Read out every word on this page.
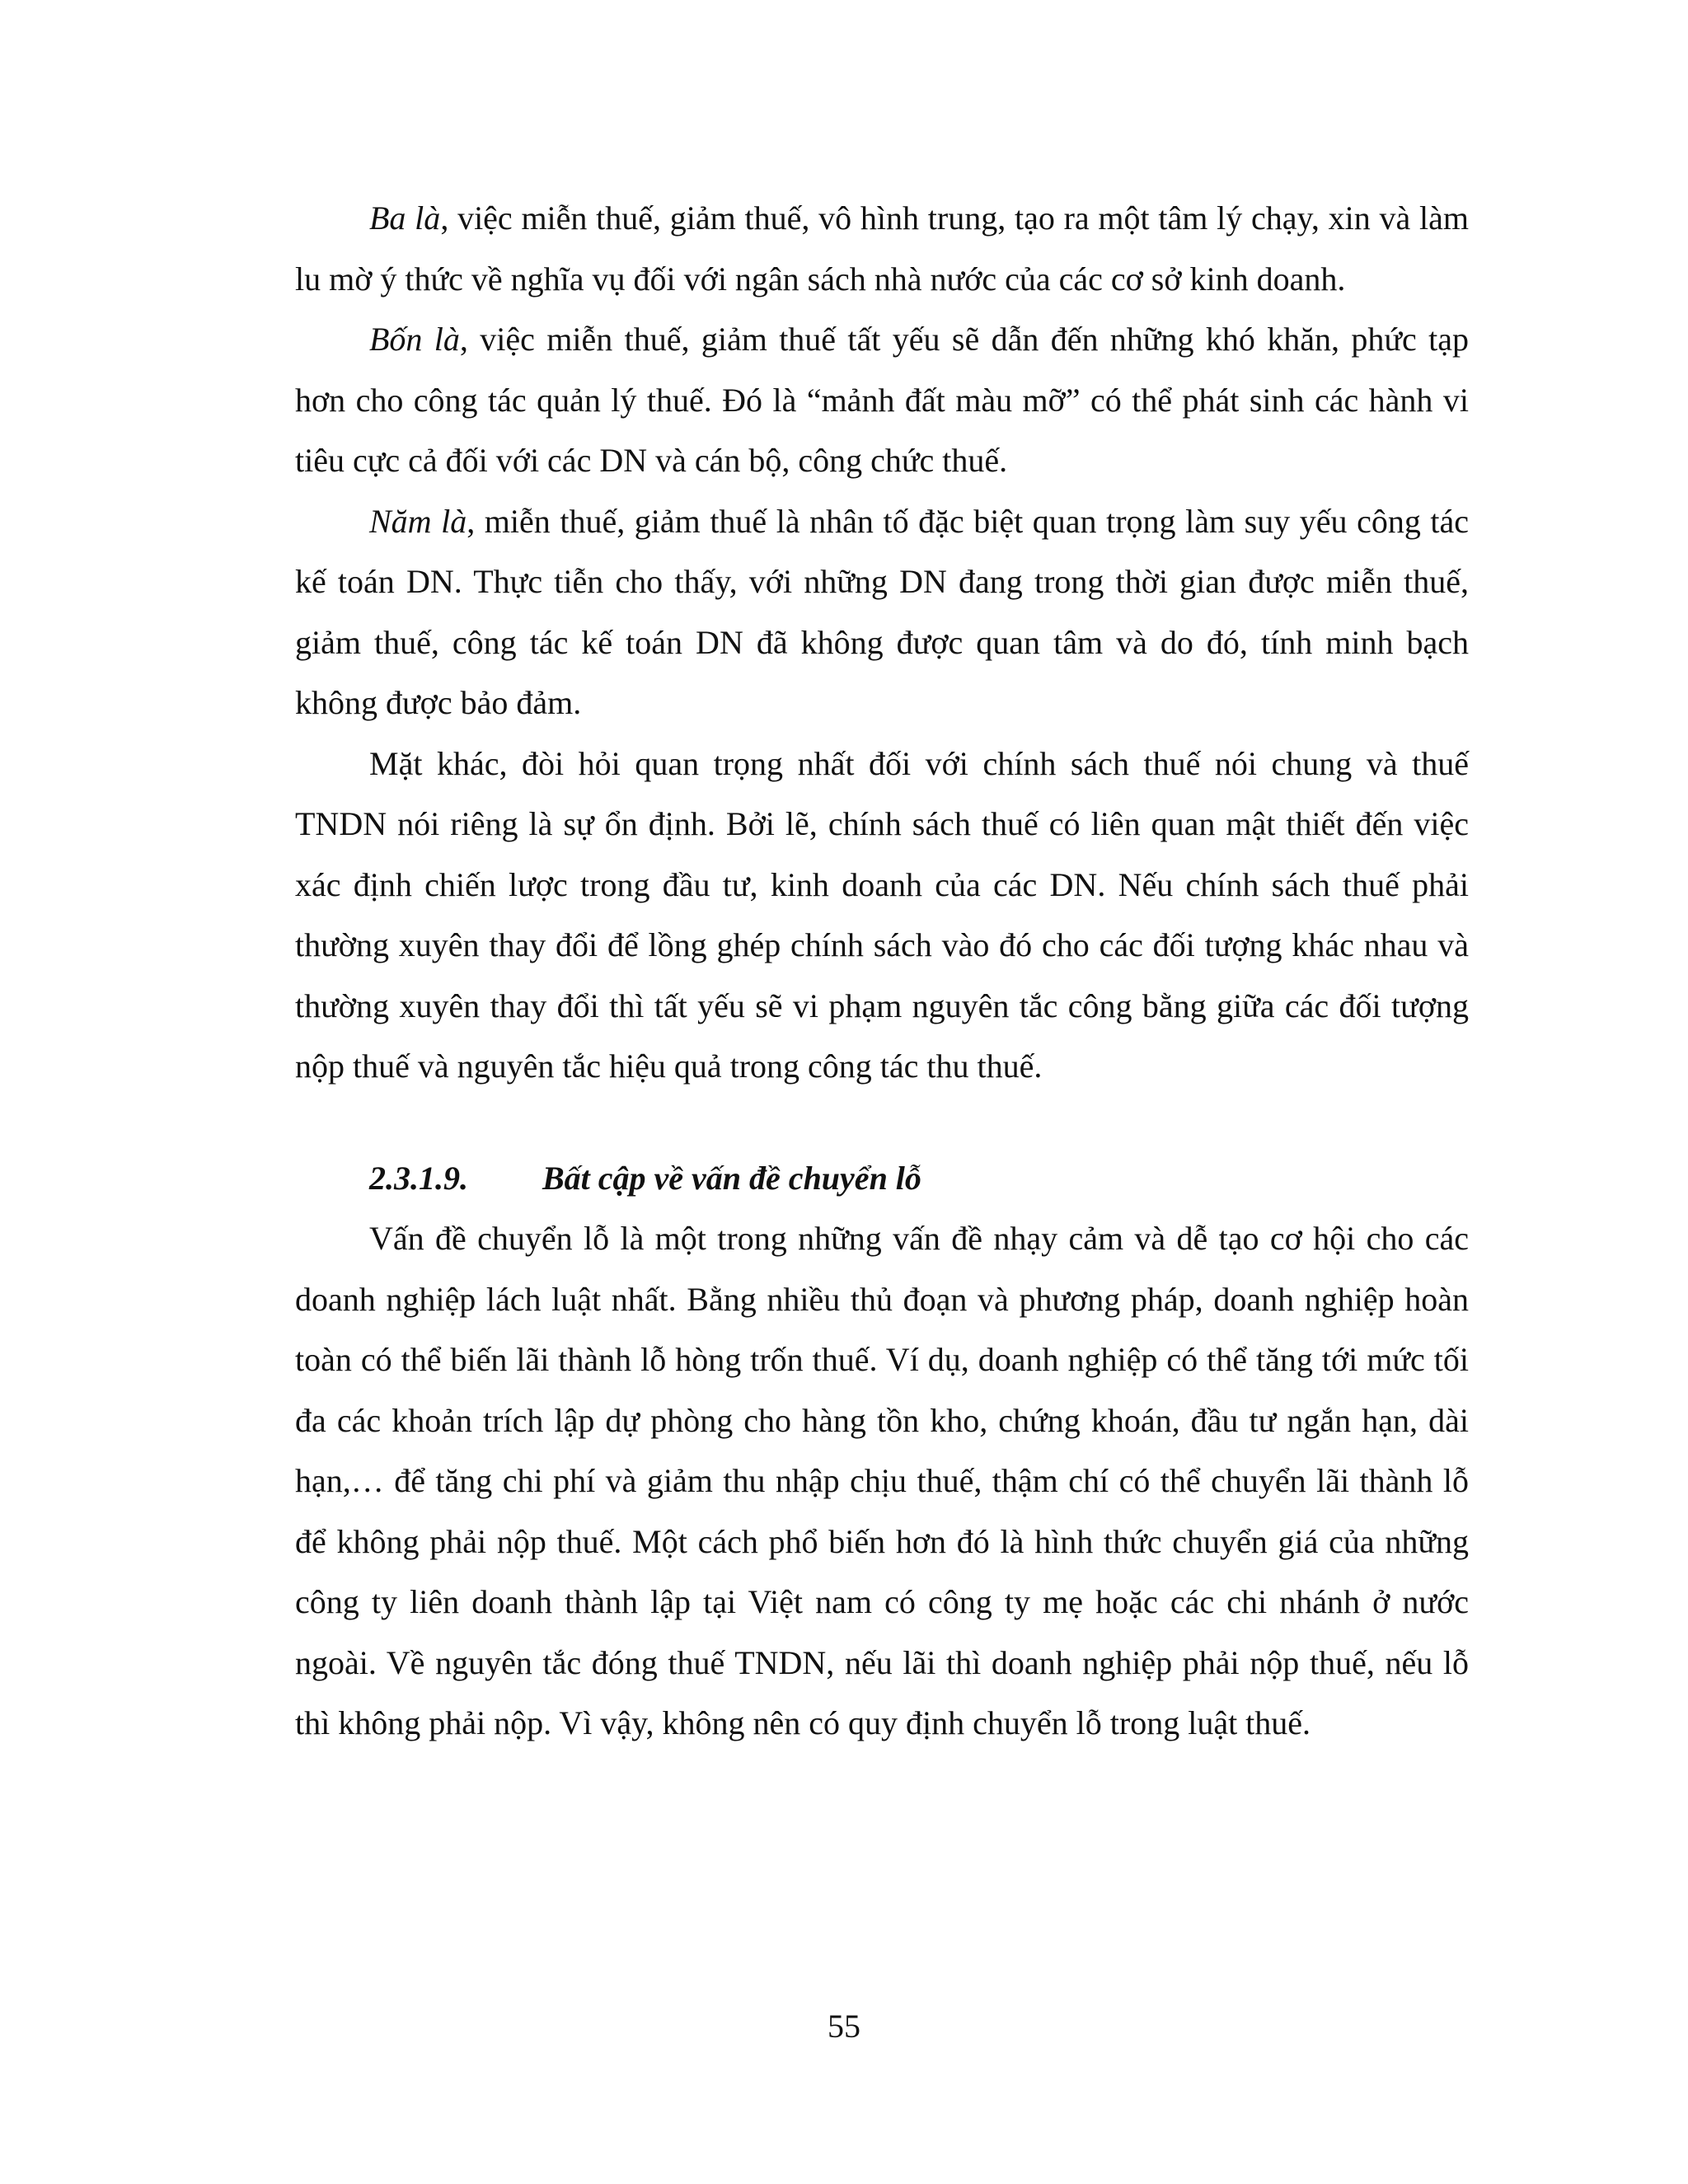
Ba là, việc miễn thuế, giảm thuế, vô hình trung, tạo ra một tâm lý chạy, xin và làm lu mờ ý thức về nghĩa vụ đối với ngân sách nhà nước của các cơ sở kinh doanh.

Bốn là, việc miễn thuế, giảm thuế tất yếu sẽ dẫn đến những khó khăn, phức tạp hơn cho công tác quản lý thuế. Đó là “mảnh đất màu mỡ” có thể phát sinh các hành vi tiêu cực cả đối với các DN và cán bộ, công chức thuế.

Năm là, miễn thuế, giảm thuế là nhân tố đặc biệt quan trọng làm suy yếu công tác kế toán DN. Thực tiễn cho thấy, với những DN đang trong thời gian được miễn thuế, giảm thuế, công tác kế toán DN đã không được quan tâm và do đó, tính minh bạch không được bảo đảm.

Mặt khác, đòi hỏi quan trọng nhất đối với chính sách thuế nói chung và thuế TNDN nói riêng là sự ổn định. Bởi lẽ, chính sách thuế có liên quan mật thiết đến việc xác định chiến lược trong đầu tư, kinh doanh của các DN. Nếu chính sách thuế phải thường xuyên thay đổi để lồng ghép chính sách vào đó cho các đối tượng khác nhau và thường xuyên thay đổi thì tất yếu sẽ vi phạm nguyên tắc công bằng giữa các đối tượng nộp thuế và nguyên tắc hiệu quả trong công tác thu thuế.

2.3.1.9.	Bất cập về vấn đề chuyển lỗ

Vấn đề chuyển lỗ là một trong những vấn đề nhạy cảm và dễ tạo cơ hội cho các doanh nghiệp lách luật nhất. Bằng nhiều thủ đoạn và phương pháp, doanh nghiệp hoàn toàn có thể biến lãi thành lỗ hòng trốn thuế. Ví dụ, doanh nghiệp có thể tăng tới mức tối đa các khoản trích lập dự phòng cho hàng tồn kho, chứng khoán, đầu tư ngắn hạn, dài hạn,… để tăng chi phí và giảm thu nhập chịu thuế, thậm chí có thể chuyển lãi thành lỗ để không phải nộp thuế. Một cách phổ biến hơn đó là hình thức chuyển giá của những công ty liên doanh thành lập tại Việt nam có công ty mẹ hoặc các chi nhánh ở nước ngoài. Về nguyên tắc đóng thuế TNDN, nếu lãi thì doanh nghiệp phải nộp thuế, nếu lỗ thì không phải nộp. Vì vậy, không nên có quy định chuyển lỗ trong luật thuế.

55
